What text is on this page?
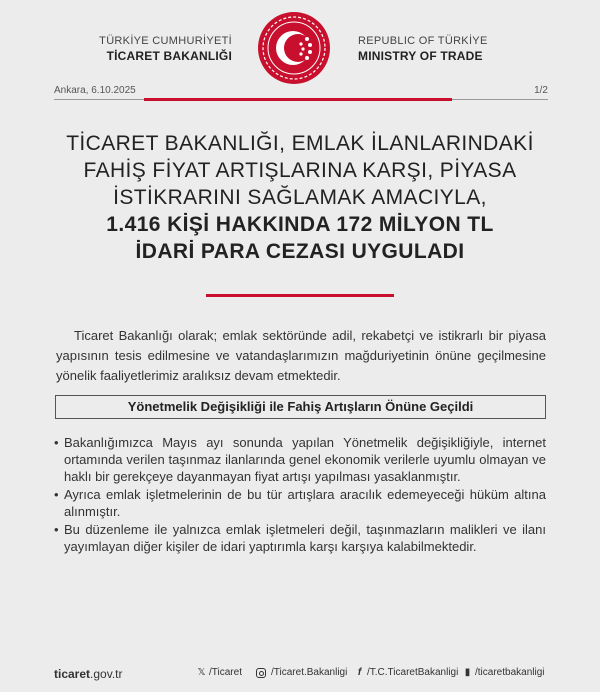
TÜRKİYE CUMHURİYETİ
TİCARET BAKANLIĞI
REPUBLIC OF TÜRKİYE
MINISTRY OF TRADE
Ankara, 6.10.2025	1/2
TİCARET BAKANLIĞI, EMLAK İLANLARINDAKİ
FAHİŞ FİYAT ARTIŞLARINA KARŞI, PİYASA
İSTİKRARINI SAĞLAMAK AMACIYLA,
1.416 KİŞİ HAKKINDA 172 MİLYON TL
İDARİ PARA CEZASI UYGULADI
Ticaret Bakanlığı olarak; emlak sektöründe adil, rekabetçi ve istikrarlı bir piyasa yapısının tesis edilmesine ve vatandaşlarımızın mağduriyetinin önüne geçilmesine yönelik faaliyetlerimiz aralıksız devam etmektedir.
Yönetmelik Değişikliği ile Fahiş Artışların Önüne Geçildi
• Bakanlığımızca Mayıs ayı sonunda yapılan Yönetmelik değişikliğiyle, internet ortamında verilen taşınmaz ilanlarında genel ekonomik verilerle uyumlu olmayan ve haklı bir gerekçeye dayanmayan fiyat artışı yapılması yasaklanmıştır.
• Ayrıca emlak işletmelerinin de bu tür artışlara aracılık edemeyeceği hüküm altına alınmıştır.
• Bu düzenleme ile yalnızca emlak işletmeleri değil, taşınmazların malikleri ve ilanı yayımlayan diğer kişiler de idari yaptırımla karşı karşıya kalabilmektedir.
ticaret.gov.tr	𝕏 /Ticaret	/Ticaret.Bakanligi	f /T.C.TicaretBakanligi ▮ /ticaretbakanligi
